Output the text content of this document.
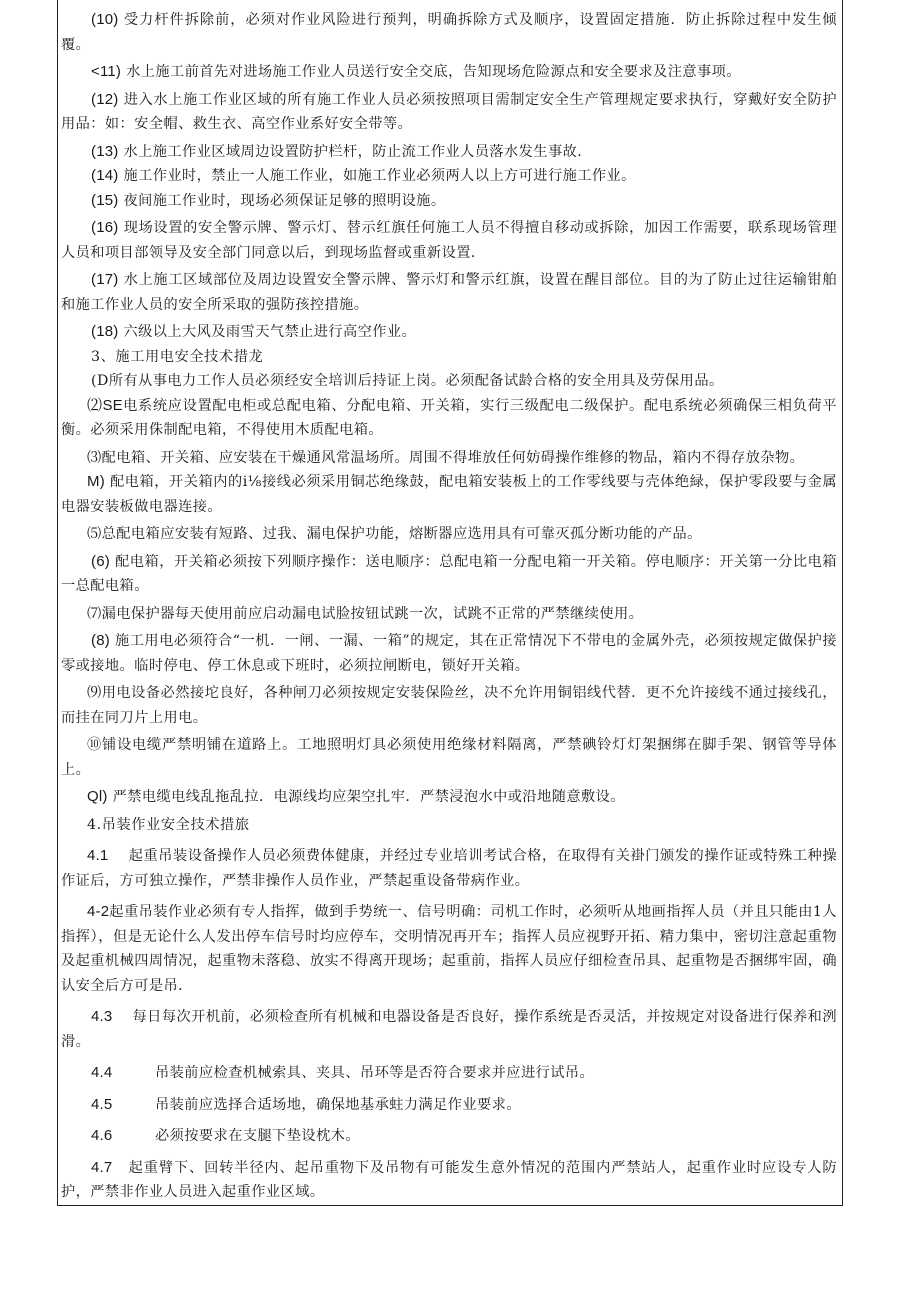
(10) 受力杆件拆除前，必须对作业风险进行预判，明确拆除方式及顺序，设置固定措施．防止拆除过程中发生倾覆。

<11) 水上施工前首先对进场施工作业人员送行安全交底，告知现场危险源点和安全要求及注意事项。

(12) 进入水上施工作业区域的所有施工作业人员必须按照项目需制定安全生产管理规定要求执行，穿戴好安全防护用品：如：安全帽、救生衣、高空作业系好安全带等。

(13) 水上施工作业区域周边设置防护栏杆，防止流工作业人员落水发生事故．

(14) 施工作业时，禁止一人施工作业，如施工作业必须两人以上方可进行施工作业。

(15) 夜间施工作业时，现场必须保证足够的照明设施。

(16) 现场设置的安全警示牌、警示灯、替示红旗任何施工人员不得擅自移动或拆除，加因工作需要，联系现场管理人员和项目部领导及安全部门同意以后，到现场监督或重新设置．

(17) 水上施工区域部位及周边设置安全警示牌、警示灯和警示红旗，设置在醒目部位。目的为了防止过往运输钳舶和施工作业人员的安全所采取的强防孩控措施。

(18) 六级以上大风及雨雪天气禁止进行高空作业。

3、施工用电安全技术措龙

(D所有从事电力工作人员必须经安全培训后持证上岗。必须配备试龄合格的安全用具及劳保用品。

⑵SE电系统应设置配电柜或总配电箱、分配电箱、开关箱，实行三级配电二级保护。配电系统必须确保三相负荷平衡。必须采用侏制配电箱，不得使用木质配电箱。

⑶配电箱、开关箱、应安装在干燥通风常温场所。周围不得堆放任何妨碍操作维修的物品，箱内不得存放杂物。

M) 配电箱，开关箱内的i⅛接线必须采用铜芯绝缘鼓，配电箱安装板上的工作零线要与壳体绝緑，保护零段要与金属电器安装板做电器连接。

⑸总配电箱应安装有短路、过我、漏电保护功能，熔断器应选用具有可靠灭孤分断功能的产品。

(6) 配电箱，开关箱必须按下列顺序操作：送电顺序：总配电箱一分配电箱一开关箱。停电顺序：开关第一分比电箱一总配电箱。

⑺漏电保护器每天使用前应启动漏电试脸按钮试跳一次，试跳不正常的严禁继续使用。

(8) 施工用电必须符合“一机．一闸、一漏、一箱”的规定，其在正常情况下不带电的金属外壳，必须按规定做保护接零或接地。临时停电、停工休息或下班时，必须拉闸断电，锁好开关箱。

⑼用电设备必然接坨良好，各种闸刀必须按规定安装保险丝，决不允许用铜铝线代替．更不允许接线不通过接线孔，而挂在同刀片上用电。

⑩铺设电缆严禁明铺在道路上。工地照明灯具必须使用绝缘材料隔离，严禁碘铃灯灯架捆绑在脚手架、钢管等导体上。

Ql) 严禁电缆电线乱拖乱拉．电源线均应架空扎牢．严禁浸泡水中或沿地随意敷设。

4.吊装作业安全技术措旅

4.1 起重吊装设备操作人员必须费体健康，并经过专业培训考试合格，在取得有关褂门颁发的操作证或特殊工种操作证后，方可独立操作，严禁非操作人员作业，严禁起重设备带病作业。

4-2起重吊装作业必须有专人指挥，做到手势统一、信号明确：司机工作时，必须听从地画指挥人员（并且只能由1人指挥），但是无论什么人发出停车信号时均应停车，交明情况再开车；指挥人员应视野开拓、精力集中，密切注意起重物及起重机械四周情况，起重物未落稳、放实不得离开现场；起重前，指挥人员应仔细检查吊具、起重物是否捆绑牢固，确认安全后方可是吊．

4.3 每日每次开机前，必须检查所有机械和电器设备是否良好，操作系统是否灵活，并按规定对设备进行保养和洌滑。

4.4	吊装前应检查机械索具、夹具、吊环等是否符合要求并应进行试吊。

4.5	吊装前应选择合适场地，确保地基承蛀力满足作业要求。

4.6	必须按要求在支腿下垫设枕木。

4.7 起重臂下、回转半径内、起吊重物下及吊物有可能发生意外情况的范围内严禁站人，起重作业时应设专人防护，严禁非作业人员进入起重作业区域。
